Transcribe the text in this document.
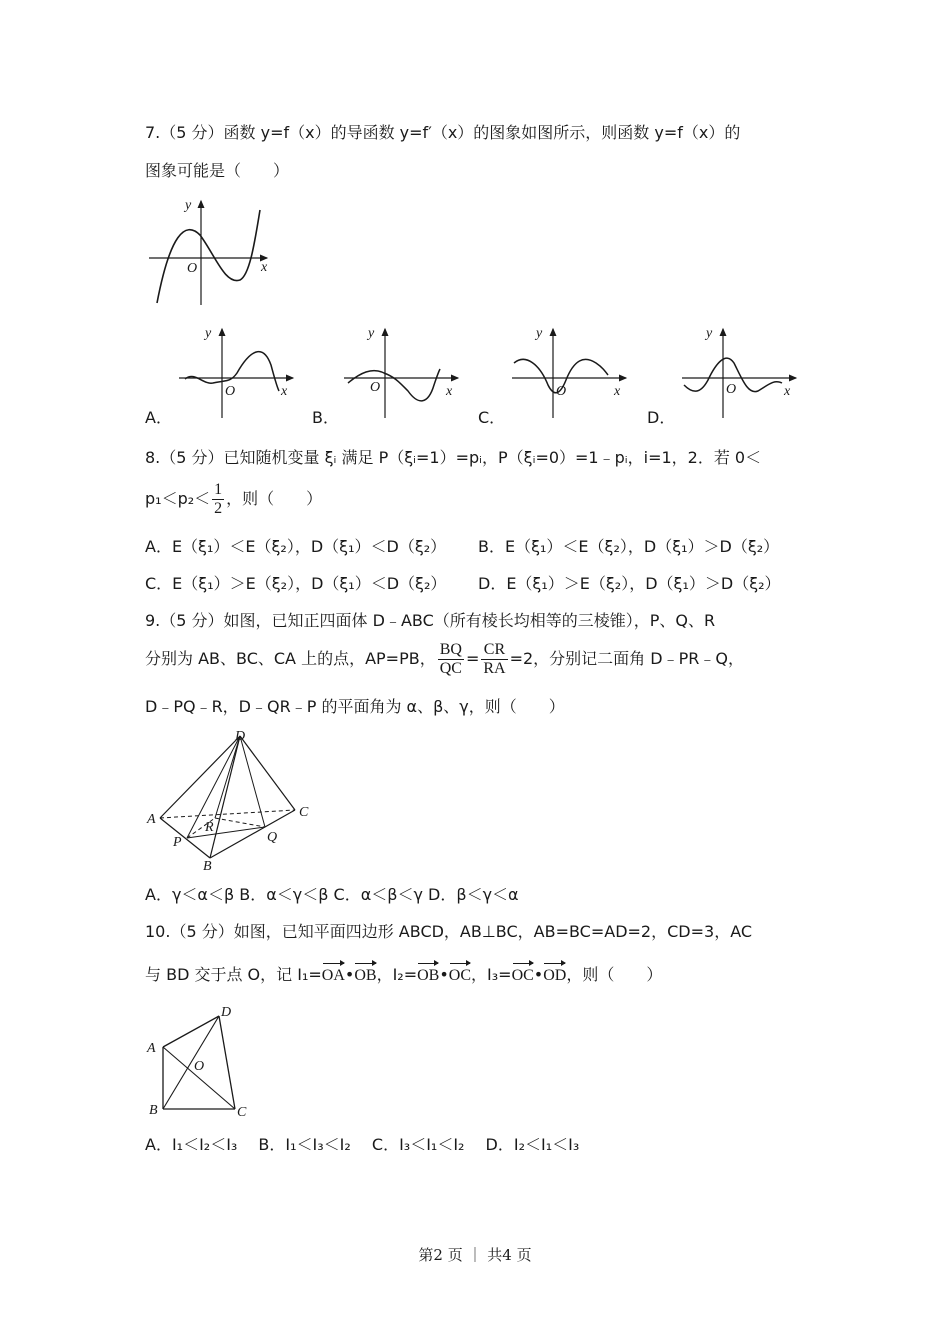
7.（5 分）函数 y=f（x）的导函数 y=f′（x）的图象如图所示，则函数 y=f（x）的
图象可能是（　　）
y
x
O
A．
y
x
O
B．
y
x
O
C．
y
x
O
D．
y
x
O
8.（5 分）已知随机变量 ξᵢ 满足 P（ξᵢ=1）=pᵢ，P（ξᵢ=0）=1﹣pᵢ，i=1，2．若 0＜
$p_1<p_2< \frac{1}{2}$ ，则（　　）
A．E（ξ₁）＜E（ξ₂），D（ξ₁）＜D（ξ₂） B．E（ξ₁）＜E（ξ₂），D（ξ₁）＞D（ξ₂）
C．E（ξ₁）＞E（ξ₂），D（ξ₁）＜D（ξ₂） D．E（ξ₁）＞E（ξ₂），D（ξ₁）＞D（ξ₂）
9.（5 分）如图，已知正四面体 D﹣ABC（所有棱长均相等的三棱锥），P、Q、R
分别为 AB、BC、CA 上的点，AP=PB， $\frac{BQ}{QC} = \frac{CR}{RA} =2$，分别记二面角 D﹣PR﹣Q，
D﹣PQ﹣R，D﹣QR﹣P 的平面角为 α、β、γ，则（　　）
D
A	C
R
P	Q
B
A．γ＜α＜β B．α＜γ＜β C．α＜β＜γ D．β＜γ＜α
10.（5 分）如图，已知平面四边形 ABCD，AB⊥BC，AB=BC=AD=2，CD=3，AC
与 BD 交于点 O，记 I₁=OA•OB，I₂=OB•OC，I₃=OC•OD，则（　　）
A
B	C
D
O
A．I₁＜I₂＜I₃　 B．I₁＜I₃＜I₂　 C．I₃＜I₁＜I₂　 D．I₂＜I₁＜I₃
第2 页 ｜ 共4 页
